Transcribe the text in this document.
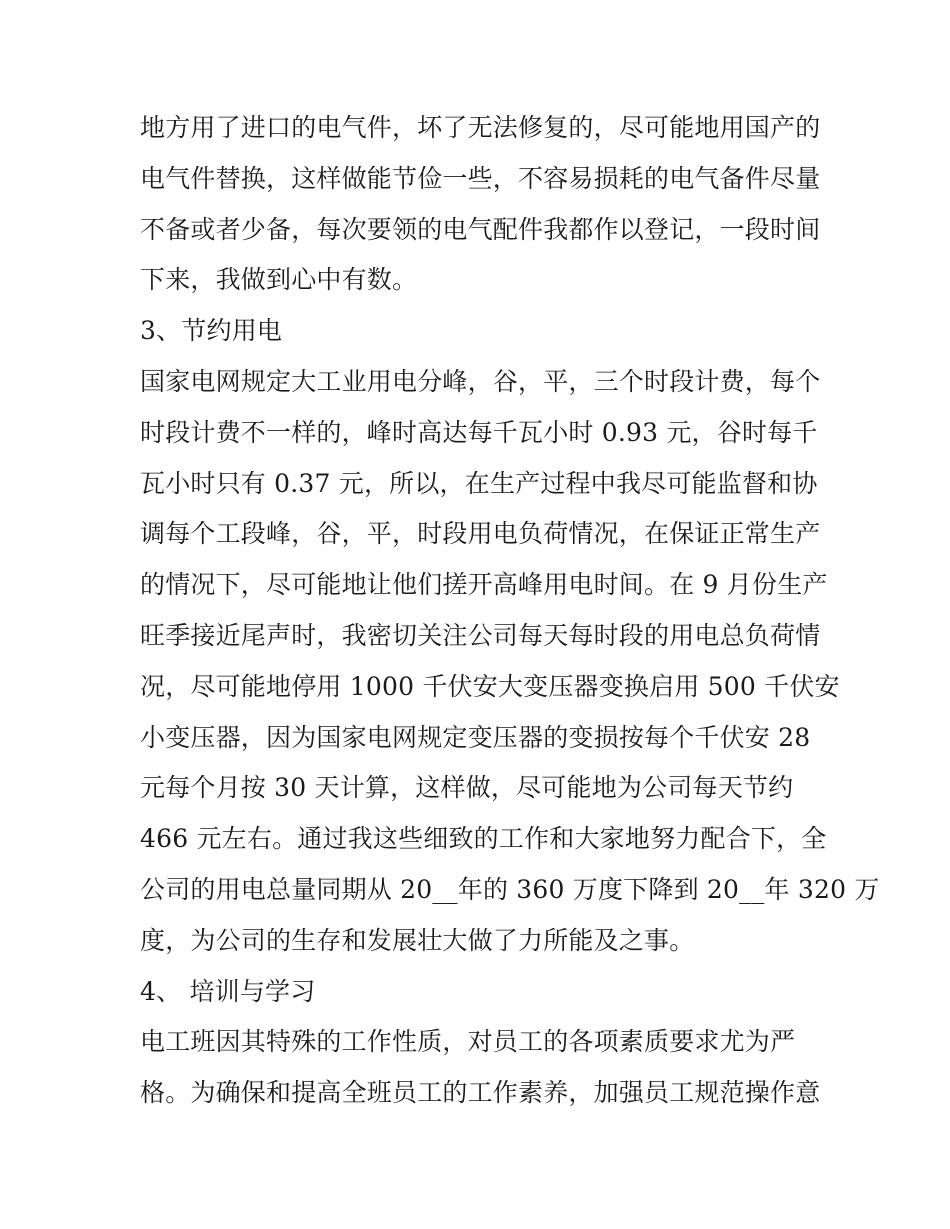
地方用了进口的电气件，坏了无法修复的，尽可能地用国产的
电气件替换，这样做能节俭一些，不容易损耗的电气备件尽量
不备或者少备，每次要领的电气配件我都作以登记，一段时间
下来，我做到心中有数。
3、节约用电
国家电网规定大工业用电分峰，谷，平，三个时段计费，每个
时段计费不一样的，峰时高达每千瓦小时 0.93 元，谷时每千
瓦小时只有 0.37 元，所以，在生产过程中我尽可能监督和协
调每个工段峰，谷，平，时段用电负荷情况，在保证正常生产
的情况下，尽可能地让他们搓开高峰用电时间。在 9 月份生产
旺季接近尾声时，我密切关注公司每天每时段的用电总负荷情
况，尽可能地停用 1000 千伏安大变压器变换启用 500 千伏安
小变压器，因为国家电网规定变压器的变损按每个千伏安 28
元每个月按 30 天计算，这样做，尽可能地为公司每天节约
466 元左右。通过我这些细致的工作和大家地努力配合下，全
公司的用电总量同期从 20__年的 360 万度下降到 20__年 320 万
度，为公司的生存和发展壮大做了力所能及之事。
4、 培训与学习
电工班因其特殊的工作性质，对员工的各项素质要求尤为严
格。为确保和提高全班员工的工作素养，加强员工规范操作意
